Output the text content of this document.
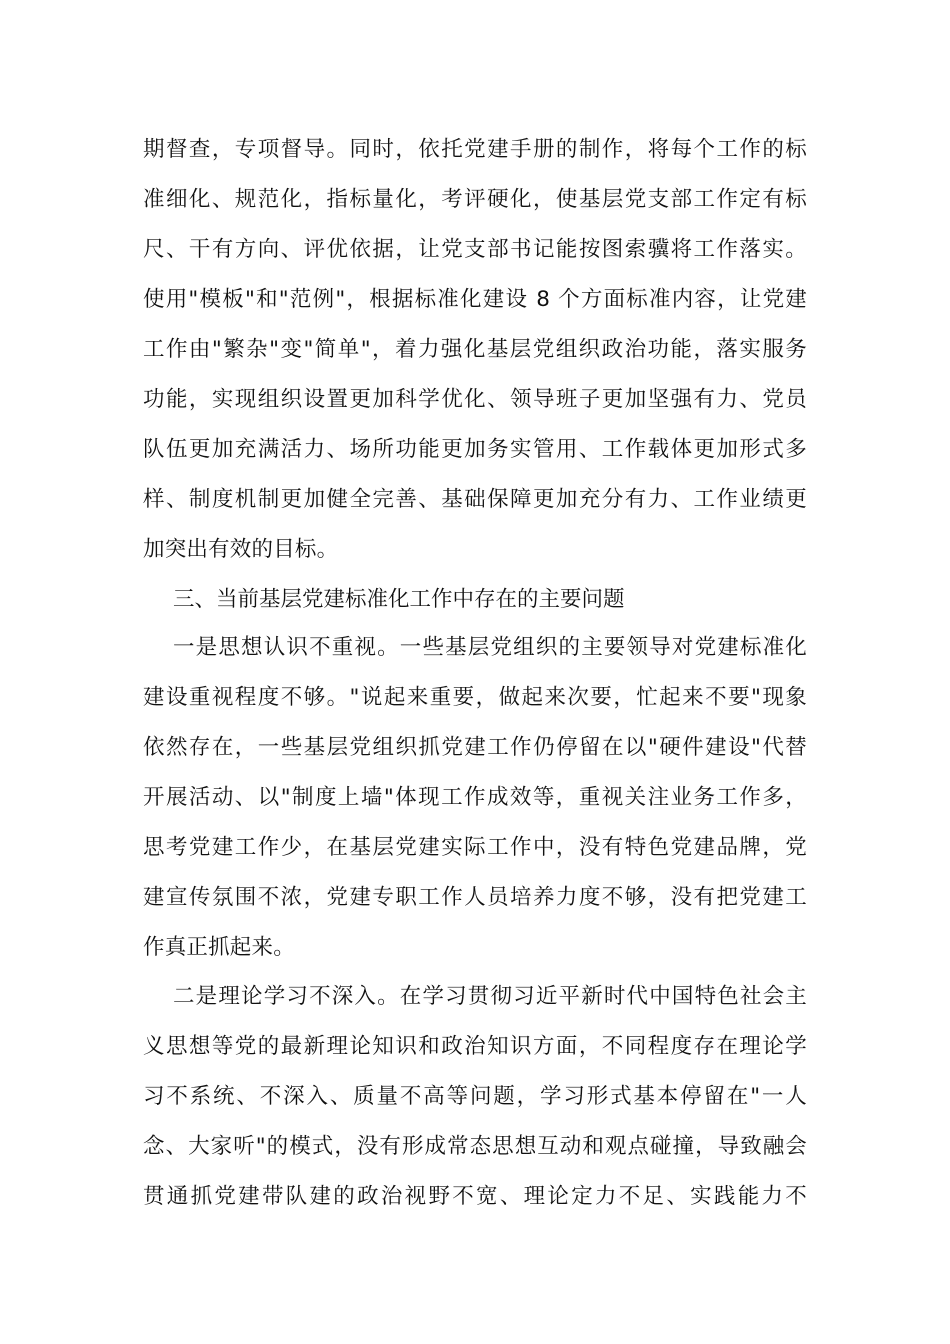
期督查，专项督导。同时，依托党建手册的制作，将每个工作的标
准细化、规范化，指标量化，考评硬化，使基层党支部工作定有标
尺、干有方向、评优依据，让党支部书记能按图索骥将工作落实。
使用"模板"和"范例"，根据标准化建设 8 个方面标准内容，让党建
工作由"繁杂"变"简单"，着力强化基层党组织政治功能，落实服务
功能，实现组织设置更加科学优化、领导班子更加坚强有力、党员
队伍更加充满活力、场所功能更加务实管用、工作载体更加形式多
样、制度机制更加健全完善、基础保障更加充分有力、工作业绩更
加突出有效的目标。
三、当前基层党建标准化工作中存在的主要问题
一是思想认识不重视。一些基层党组织的主要领导对党建标准化
建设重视程度不够。"说起来重要，做起来次要，忙起来不要"现象
依然存在，一些基层党组织抓党建工作仍停留在以"硬件建设"代替
开展活动、以"制度上墙"体现工作成效等，重视关注业务工作多，
思考党建工作少，在基层党建实际工作中，没有特色党建品牌，党
建宣传氛围不浓，党建专职工作人员培养力度不够，没有把党建工
作真正抓起来。
二是理论学习不深入。在学习贯彻习近平新时代中国特色社会主
义思想等党的最新理论知识和政治知识方面，不同程度存在理论学
习不系统、不深入、质量不高等问题，学习形式基本停留在"一人
念、大家听"的模式，没有形成常态思想互动和观点碰撞，导致融会
贯通抓党建带队建的政治视野不宽、理论定力不足、实践能力不
